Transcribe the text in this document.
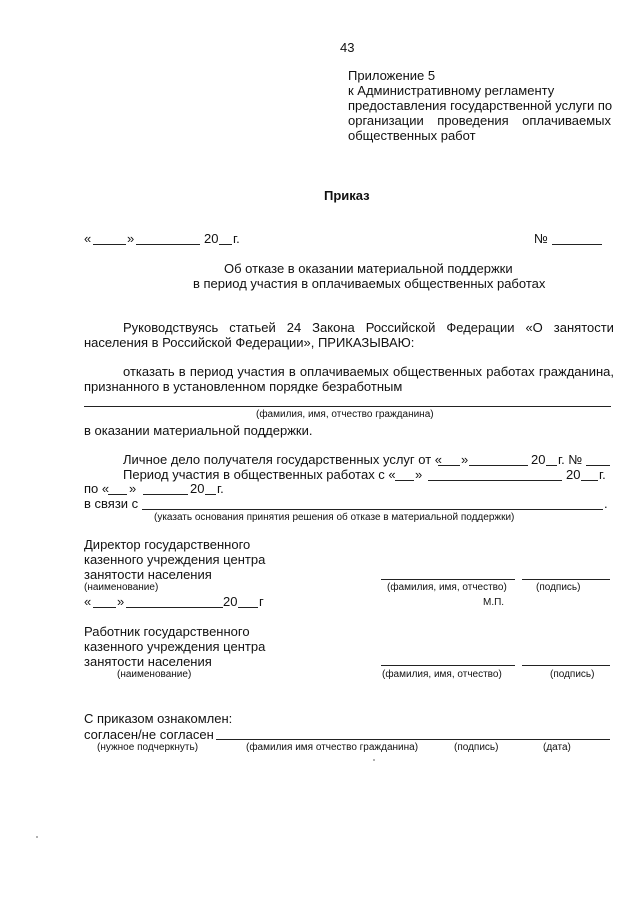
43
Приложение 5
к Административному регламенту
предоставления государственной услуги по
организации проведения оплачиваемых
общественных работ
Приказ
«	»	20 г.	№
Об отказе в оказании материальной поддержки
в период участия в оплачиваемых общественных работах
Руководствуясь статьей 24 Закона Российской Федерации «О занятости
населения в Российской Федерации», ПРИКАЗЫВАЮ:
отказать в период участия в оплачиваемых общественных работах гражданина,
признанного в установленном порядке безработным
(фамилия, имя, отчество гражданина)
в оказании материальной поддержки.
Личное дело получателя государственных услуг от « »	20 г. №
Период участия в общественных работах с « »	20 г.
по « »	20 г.
в связи с	.
(указать основания принятия решения об отказе в материальной поддержки)
Директор государственного
казенного учреждения центра
занятости населения
(наименование)	(фамилия, имя, отчество)	(подпись)
« »	20 г	М.П.
Работник государственного
казенного учреждения центра
занятости населения
(наименование)	(фамилия, имя, отчество)	(подпись)
С приказом ознакомлен:
согласен/не согласен
(нужное подчеркнуть)	(фамилия имя отчество гражданина)	(подпись)	(дата)
